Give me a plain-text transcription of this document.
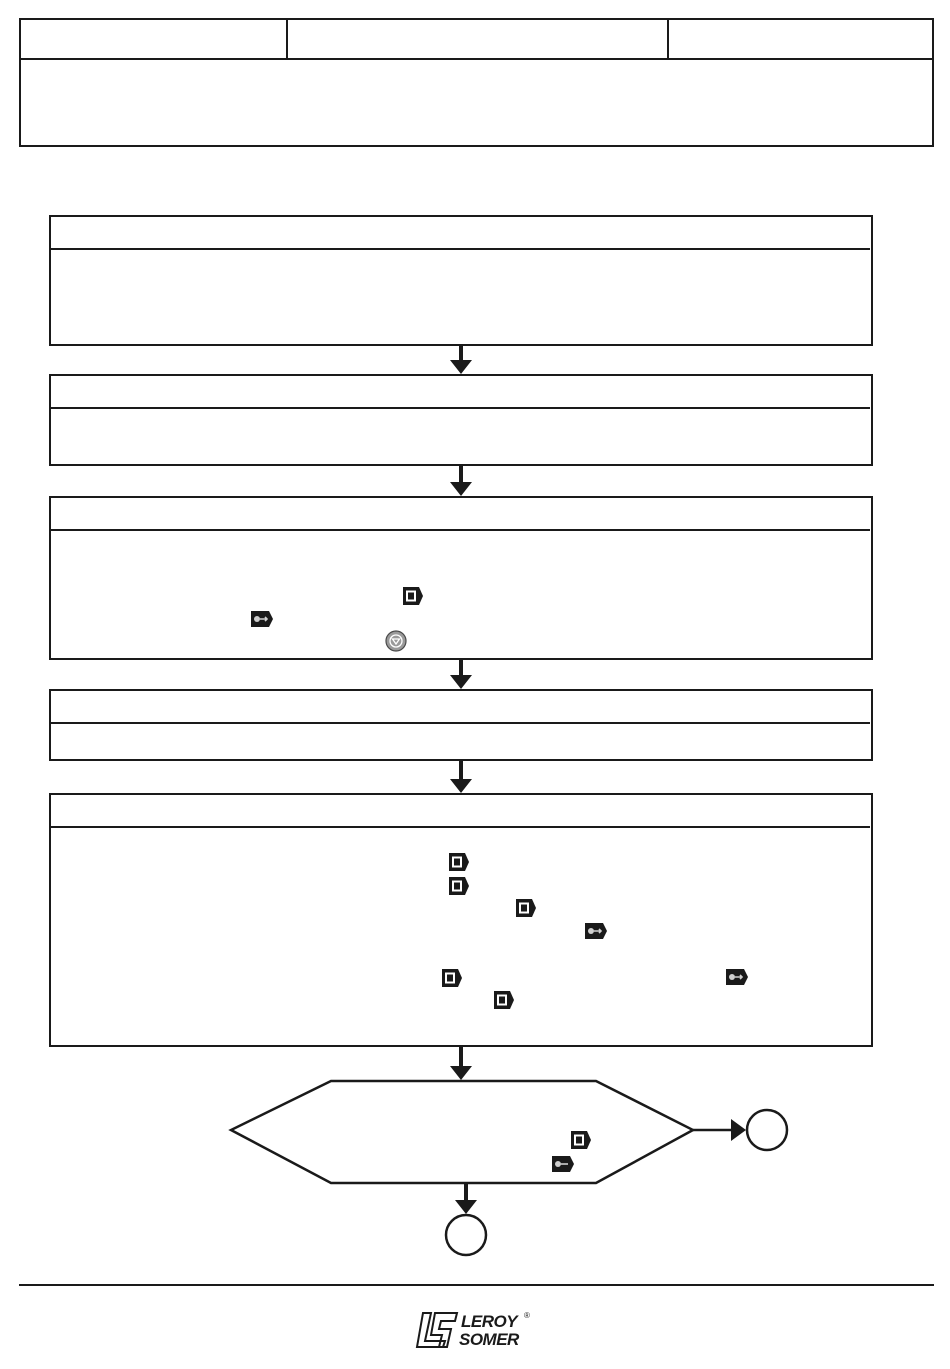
LEROY
SOMER
®
